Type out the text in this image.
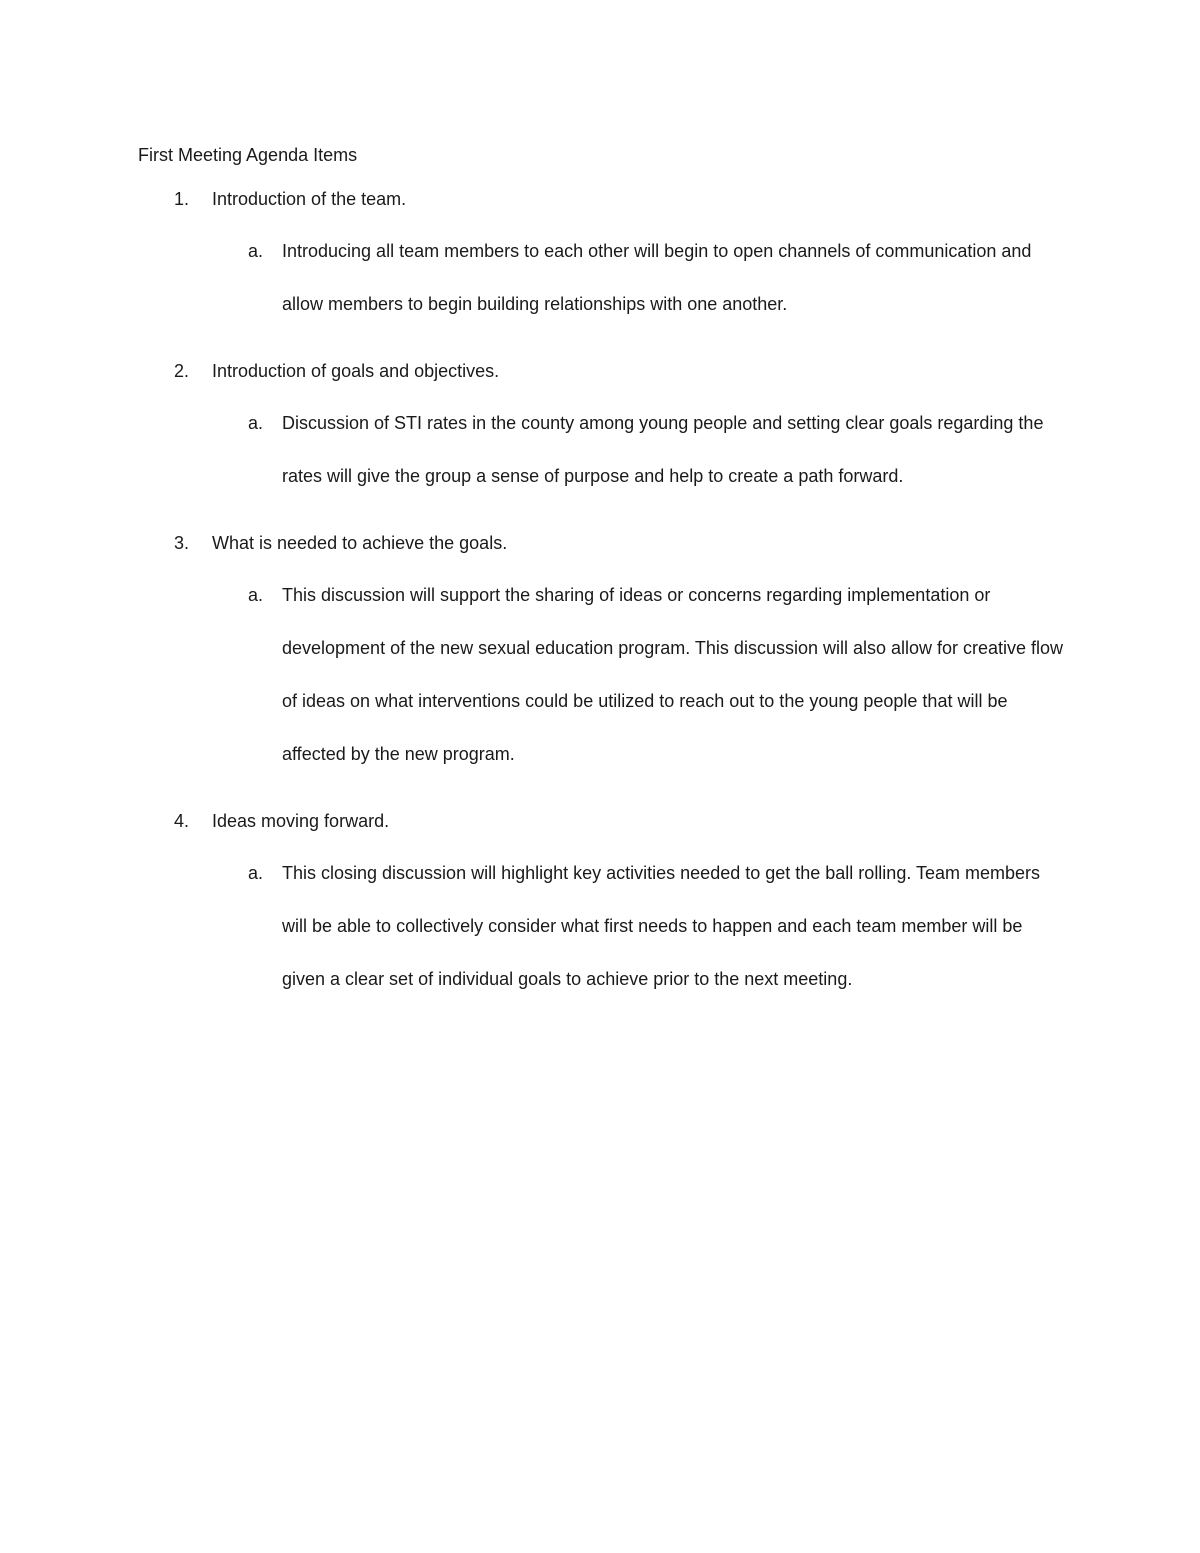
First Meeting Agenda Items
1. Introduction of the team.
a. Introducing all team members to each other will begin to open channels of communication and allow members to begin building relationships with one another.
2. Introduction of goals and objectives.
a. Discussion of STI rates in the county among young people and setting clear goals regarding the rates will give the group a sense of purpose and help to create a path forward.
3. What is needed to achieve the goals.
a. This discussion will support the sharing of ideas or concerns regarding implementation or development of the new sexual education program. This discussion will also allow for creative flow of ideas on what interventions could be utilized to reach out to the young people that will be affected by the new program.
4. Ideas moving forward.
a. This closing discussion will highlight key activities needed to get the ball rolling. Team members will be able to collectively consider what first needs to happen and each team member will be given a clear set of individual goals to achieve prior to the next meeting.
